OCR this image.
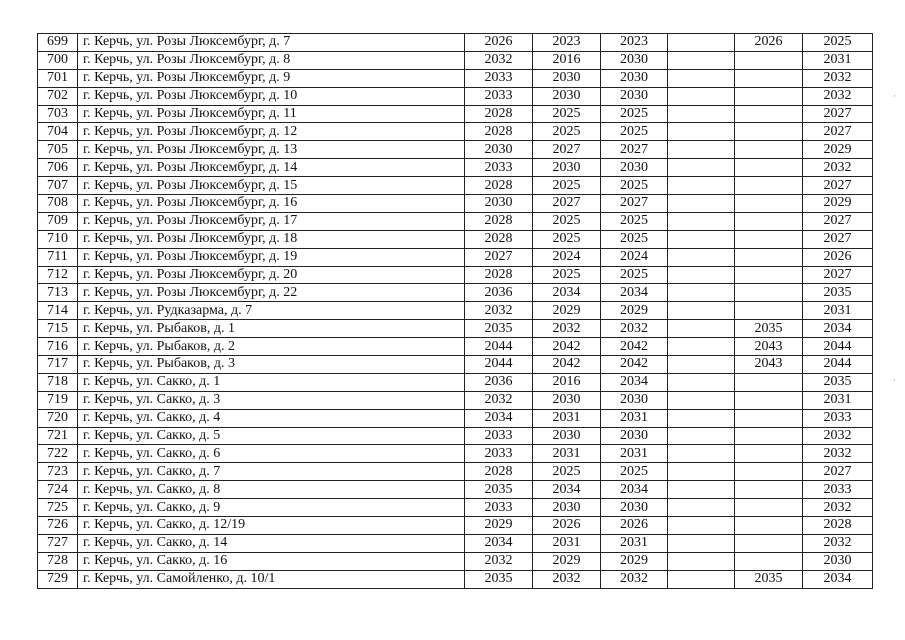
699	г. Керчь, ул. Розы Люксембург, д. 7	2026	2023	2023		2026	2025
700	г. Керчь, ул. Розы Люксембург, д. 8	2032	2016	2030			2031
701	г. Керчь, ул. Розы Люксембург, д. 9	2033	2030	2030			2032
702	г. Керчь, ул. Розы Люксембург, д. 10	2033	2030	2030			2032
703	г. Керчь, ул. Розы Люксембург, д. 11	2028	2025	2025			2027
704	г. Керчь, ул. Розы Люксембург, д. 12	2028	2025	2025			2027
705	г. Керчь, ул. Розы Люксембург, д. 13	2030	2027	2027			2029
706	г. Керчь, ул. Розы Люксембург, д. 14	2033	2030	2030			2032
707	г. Керчь, ул. Розы Люксембург, д. 15	2028	2025	2025			2027
708	г. Керчь, ул. Розы Люксембург, д. 16	2030	2027	2027			2029
709	г. Керчь, ул. Розы Люксембург, д. 17	2028	2025	2025			2027
710	г. Керчь, ул. Розы Люксембург, д. 18	2028	2025	2025			2027
711	г. Керчь, ул. Розы Люксембург, д. 19	2027	2024	2024			2026
712	г. Керчь, ул. Розы Люксембург, д. 20	2028	2025	2025			2027
713	г. Керчь, ул. Розы Люксембург, д. 22	2036	2034	2034			2035
714	г. Керчь, ул. Рудказарма, д. 7	2032	2029	2029			2031
715	г. Керчь, ул. Рыбаков, д. 1	2035	2032	2032		2035	2034
716	г. Керчь, ул. Рыбаков, д. 2	2044	2042	2042		2043	2044
717	г. Керчь, ул. Рыбаков, д. 3	2044	2042	2042		2043	2044
718	г. Керчь, ул. Сакко, д. 1	2036	2016	2034			2035
719	г. Керчь, ул. Сакко, д. 3	2032	2030	2030			2031
720	г. Керчь, ул. Сакко, д. 4	2034	2031	2031			2033
721	г. Керчь, ул. Сакко, д. 5	2033	2030	2030			2032
722	г. Керчь, ул. Сакко, д. 6	2033	2031	2031			2032
723	г. Керчь, ул. Сакко, д. 7	2028	2025	2025			2027
724	г. Керчь, ул. Сакко, д. 8	2035	2034	2034			2033
725	г. Керчь, ул. Сакко, д. 9	2033	2030	2030			2032
726	г. Керчь, ул. Сакко, д. 12/19	2029	2026	2026			2028
727	г. Керчь, ул. Сакко, д. 14	2034	2031	2031			2032
728	г. Керчь, ул. Сакко, д. 16	2032	2029	2029			2030
729	г. Керчь, ул. Самойленко, д. 10/1	2035	2032	2032		2035	2034
·
·
